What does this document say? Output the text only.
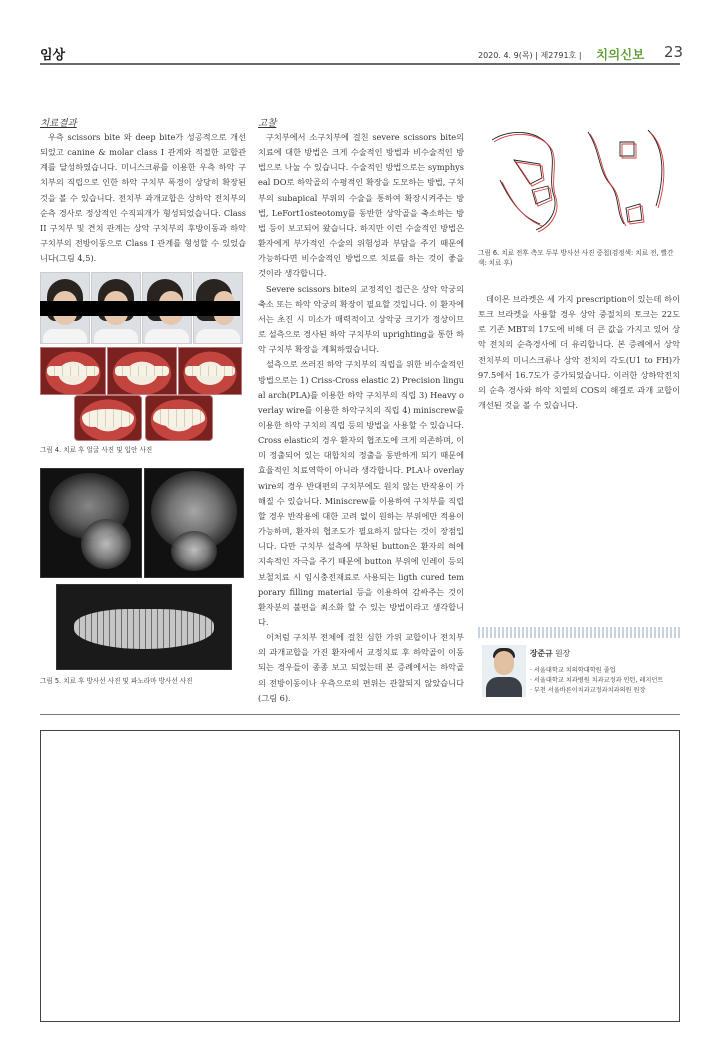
임상	2020. 4. 9(목) | 제2791호 | 치의신보 23
치료결과
우측 scissors bite 와 deep bite가 성공적으로 개선되었고 canine & molar class I 관계와 적절한 교합관계를 달성하였습니다. 미니스크류를 이용한 우측 하악 구치부의 직립으로 인한 하악 구치부 폭경이 상당히 확장된 것을 볼 수 있습니다. 전치부 과개교합은 상하악 전치부의 순측 경사로 정상적인 수직피개가 형성되었습니다. Class II 구치부 및 견치 관계는 상악 구치부의 후방이동과 하악 구치부의 전방이동으로 Class I 관계를 형성할 수 있었습니다(그림 4,5).
그림 4. 치료 후 얼굴 사진 및 입안 사진
그림 5. 치료 후 방사선 사진 및 파노라마 방사선 사진
고찰

구치부에서 소구치부에 걸친 severe scissors bite의 치료에 대한 방법은 크게 수술적인 방법과 비수술적인 방법으로 나눌 수 있습니다. 수술적인 방법으로는 symphyseal DO로 하악골의 수평적인 확장을 도모하는 방법, 구치부의 subapical 부위의 수술을 통하여 확장시켜주는 방법, LeFort1osteotomy를 동반한 상악골을 축소하는 방법 등이 보고되어 왔습니다. 하지만 이런 수술적인 방법은 환자에게 부가적인 수술의 위험성과 부담을 주기 때문에 가능하다면 비수술적인 방법으로 치료를 하는 것이 좋을 것이라 생각합니다.

Severe scissors bite의 교정적인 접근은 상악 악궁의 축소 또는 하악 악궁의 확장이 필요할 것입니다. 이 환자에서는 초진 시 미소가 매력적이고 상악궁 크기가 정상이므로 설측으로 경사된 하악 구치부의 uprighting을 통한 하악 구치부 확장을 계획하였습니다.

설측으로 쓰러진 하악 구치부의 직립을 위한 비수술적인 방법으로는 1) Criss-Cross elastic 2) Precision lingual arch(PLA)를 이용한 하악 구치부의 직립 3) Heavy overlay wire를 이용한 하악구치의 직립 4) miniscrew를 이용한 하악 구치의 직립 등의 방법을 사용할 수 있습니다. Cross elastic의 경우 환자의 협조도에 크게 의존하며, 이미 정출되어 있는 대합치의 정출을 동반하게 되기 때문에 효율적인 치료역학이 아니라 생각합니다. PLA나 overlay wire의 경우 반대편의 구치부에도 원치 않는 반작용이 가해질 수 있습니다. Miniscrew를 이용하여 구치부를 직립할 경우 반작용에 대한 고려 없이 원하는 부위에만 적용이 가능하며, 환자의 협조도가 필요하지 않다는 것이 장점입니다. 다만 구치부 설측에 부착된 button은 환자의 혀에 지속적인 자극을 주기 때문에 button 부위에 인레이 등의 보철치료 시 임시충전재료로 사용되는 ligth cured temporary filling material 등을 이용하여 감싸주는 것이 환자분의 불편을 최소화 할 수 있는 방법이라고 생각합니다.

이처럼 구치부 전체에 걸친 심한 가위 교합이나 전치부의 과개교합을 가진 환자에서 교정치료 후 하악골이 이동되는 경우들이 종종 보고 되었는데 본 증례에서는 하악골의 전방이동이나 우측으로의 편위는 관찰되지 않았습니다(그림 6).

그림 6. 치료 전후 측모 두부 방사선 사진 중첩(검정색: 치료 전, 빨간색: 치료 후)
데이몬 브라켓은 세 가지 prescription이 있는데 하이토크 브라켓을 사용할 경우 상악 중절치의 토크는 22도로 기존 MBT의 17도에 비해 더 큰 값을 가지고 있어 상악 전치의 순측경사에 더 유리합니다. 본 증례에서 상악 전치부의 미니스크류나 상악 전치의 각도(U1 to FH)가 97.5에서 16.7도가 증가되었습니다. 이러한 상하악전치의 순측 경사와 하악 치열의 COS의 해결로 과개 교합이 개선된 것을 볼 수 있습니다.
장준규 원장
· 서울대학교 치의학대학원 졸업
· 서울대학교 치과병원 치과교정과 인턴, 레지던트
· 부천 서울바른이치과교정과치과의원 원장
